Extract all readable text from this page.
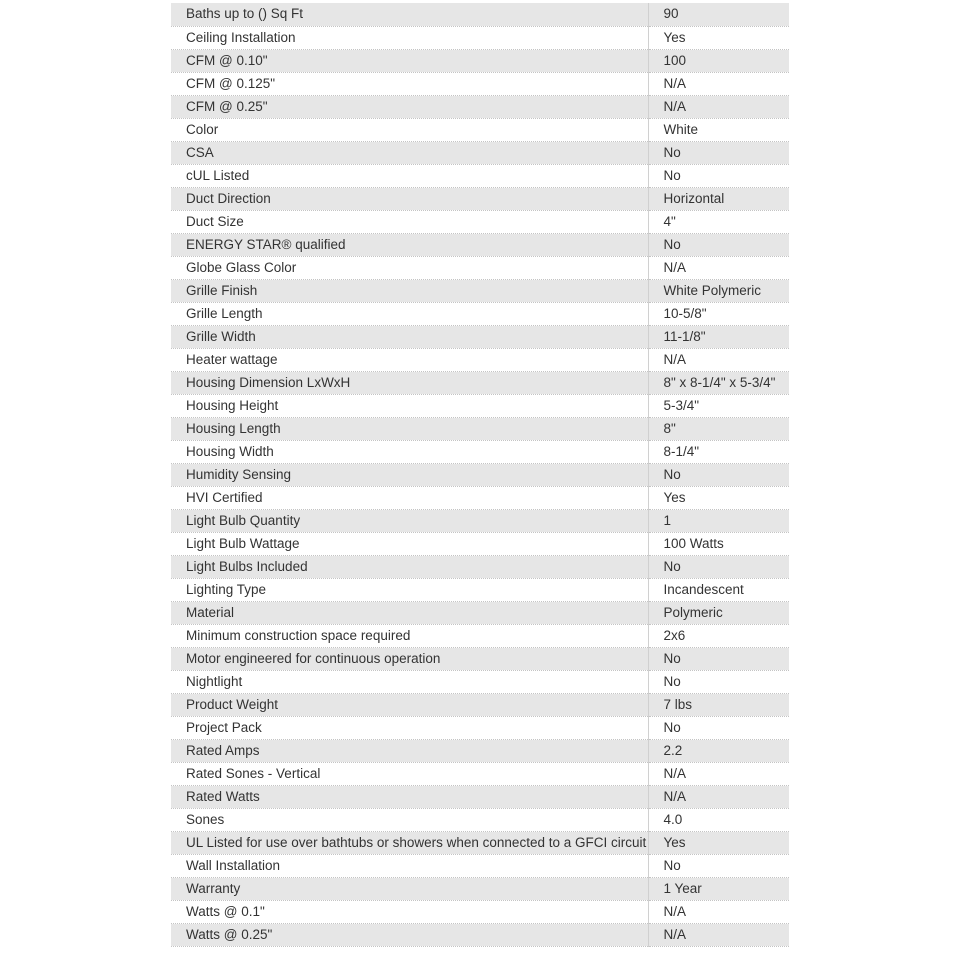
Baths up to () Sq Ft	90
Ceiling Installation	Yes
CFM @ 0.10"	100
CFM @ 0.125"	N/A
CFM @ 0.25"	N/A
Color	White
CSA	No
cUL Listed	No
Duct Direction	Horizontal
Duct Size	4"
ENERGY STAR® qualified	No
Globe Glass Color	N/A
Grille Finish	White Polymeric
Grille Length	10-5/8"
Grille Width	11-1/8"
Heater wattage	N/A
Housing Dimension LxWxH	8" x 8-1/4" x 5-3/4"
Housing Height	5-3/4"
Housing Length	8"
Housing Width	8-1/4"
Humidity Sensing	No
HVI Certified	Yes
Light Bulb Quantity	1
Light Bulb Wattage	100 Watts
Light Bulbs Included	No
Lighting Type	Incandescent
Material	Polymeric
Minimum construction space required	2x6
Motor engineered for continuous operation	No
Nightlight	No
Product Weight	7 lbs
Project Pack	No
Rated Amps	2.2
Rated Sones - Vertical	N/A
Rated Watts	N/A
Sones	4.0
UL Listed for use over bathtubs or showers when connected to a GFCI circuit	Yes
Wall Installation	No
Warranty	1 Year
Watts @ 0.1"	N/A
Watts @ 0.25"	N/A
